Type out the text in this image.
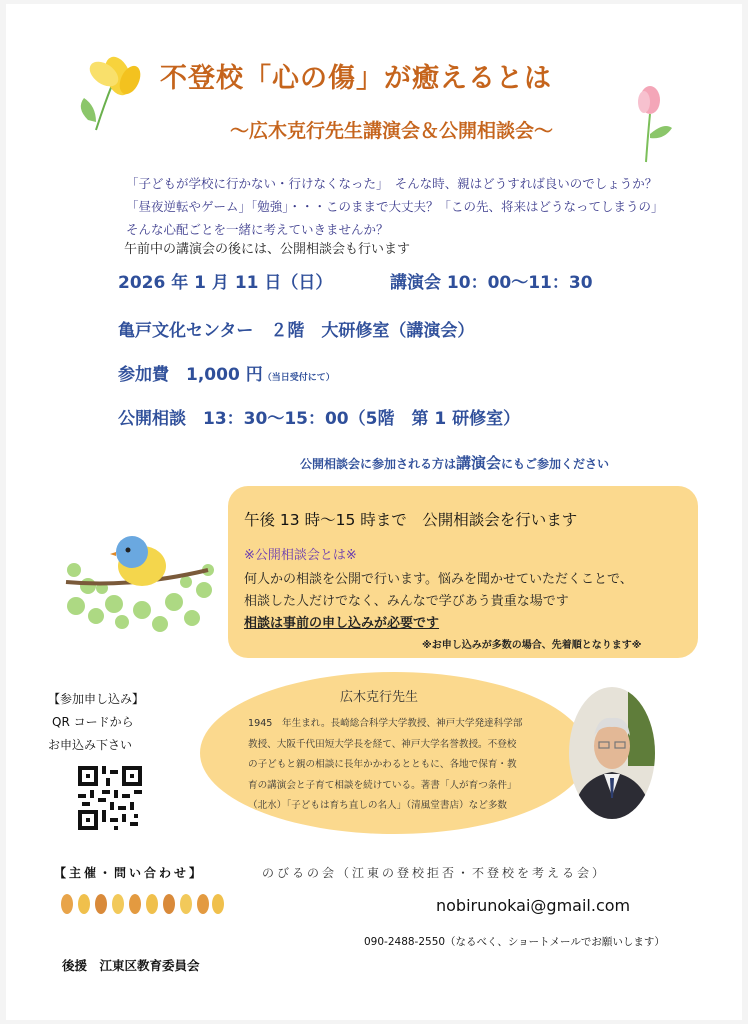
不登校「心の傷」が癒えるとは
～広木克行先生講演会＆公開相談会～
「子どもが学校に行かない・行けなくなった」　そんな時、親はどうすれば良いのでしょうか？
「昼夜逆転やゲーム」「勉強」・・・このままで大丈夫？「この先、将来はどうなってしまうの」
そんな心配ごとを一緒に考えていきませんか？
午前中の講演会の後には、公開相談会も行います
2026 年 1 月 11 日（日）	講演会 10：00～11：30
亀戸文化センター　２階　大研修室（講演会）
参加費　1,000 円（当日受付にて）
公開相談　13：30～15：00（5階　第 1 研修室）
公開相談会に参加される方は講演会にもご参加ください
午後 13 時～15 時まで　公開相談会を行います
※公開相談会とは※
何人かの相談を公開で行います。悩みを聞かせていただくことで、
相談した人だけでなく、みんなで学びあう貴重な場です
相談は事前の申し込みが必要です
※お申し込みが多数の場合、先着順となります※
【参加申し込み】
QR コードから
お申込み下さい
広木克行先生
1945　年生まれ。長崎総合科学大学教授、神戸大学発達科学部
教授、大阪千代田短大学長を経て、神戸大学名誉教授。不登校
の子どもと親の相談に長年かかわるとともに、各地で保育・教
育の講演会と子育て相談を続けている。著書「人が育つ条件」
（北水）「子どもは育ち直しの名人」（清風堂書店）など多数
【主催・問い合わせ】	のびるの会（江東の登校拒否・不登校を考える会）
nobirunokai@gmail.com
090-2488-2550（なるべく、ショートメールでお願いします）
後援　江東区教育委員会
